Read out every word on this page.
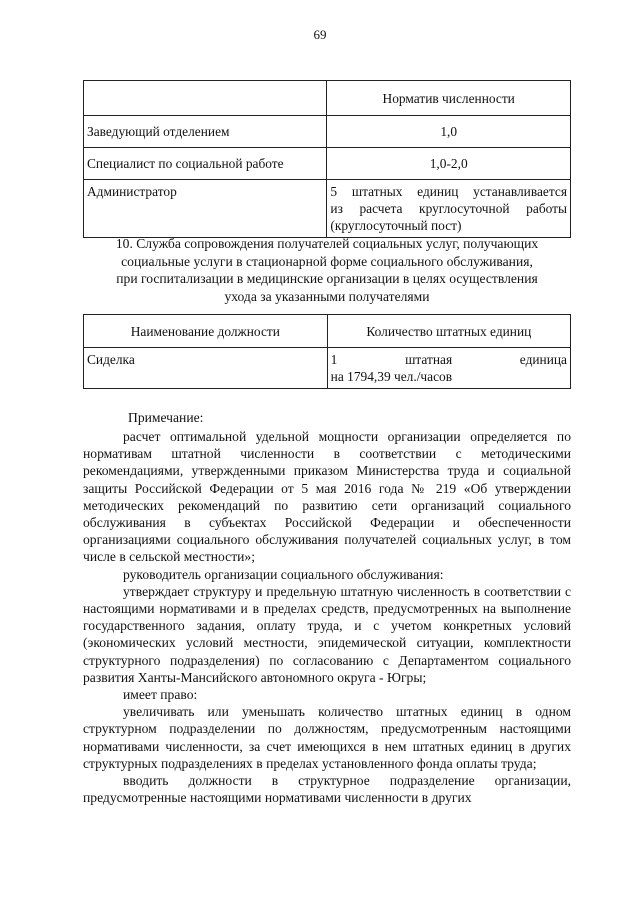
69
	Норматив численности
Заведующий отделением	1,0
Специалист по социальной работе	1,0-2,0
Администратор	5 штатных единиц устанавливается
из расчета круглосуточной работы
(круглосуточный пост)
10. Служба сопровождения получателей социальных услуг, получающих
социальные услуги в стационарной форме социального обслуживания,
при госпитализации в медицинские организации в целях осуществления
ухода за указанными получателями
Наименование должности	Количество штатных единиц
Сиделка	1 штатная единица
на 1794,39 чел./часов
Примечание:

расчет оптимальной удельной мощности организации определяется по нормативам штатной численности в соответствии с методическими рекомендациями, утвержденными приказом Министерства труда и социальной защиты Российской Федерации от 5 мая 2016 года № 219 «Об утверждении методических рекомендаций по развитию сети организаций социального обслуживания в субъектах Российской Федерации и обеспеченности организациями социального обслуживания получателей социальных услуг, в том числе в сельской местности»;

руководитель организации социального обслуживания:

утверждает структуру и предельную штатную численность в соответствии с настоящими нормативами и в пределах средств, предусмотренных на выполнение государственного задания, оплату труда, и с учетом конкретных условий (экономических условий местности, эпидемической ситуации, комплектности структурного подразделения) по согласованию с Департаментом социального развития Ханты-Мансийского автономного округа - Югры;

имеет право:

увеличивать или уменьшать количество штатных единиц в одном структурном подразделении по должностям, предусмотренным настоящими нормативами численности, за счет имеющихся в нем штатных единиц в других структурных подразделениях в пределах установленного фонда оплаты труда;

вводить должности в структурное подразделение организации, предусмотренные настоящими нормативами численности в других
